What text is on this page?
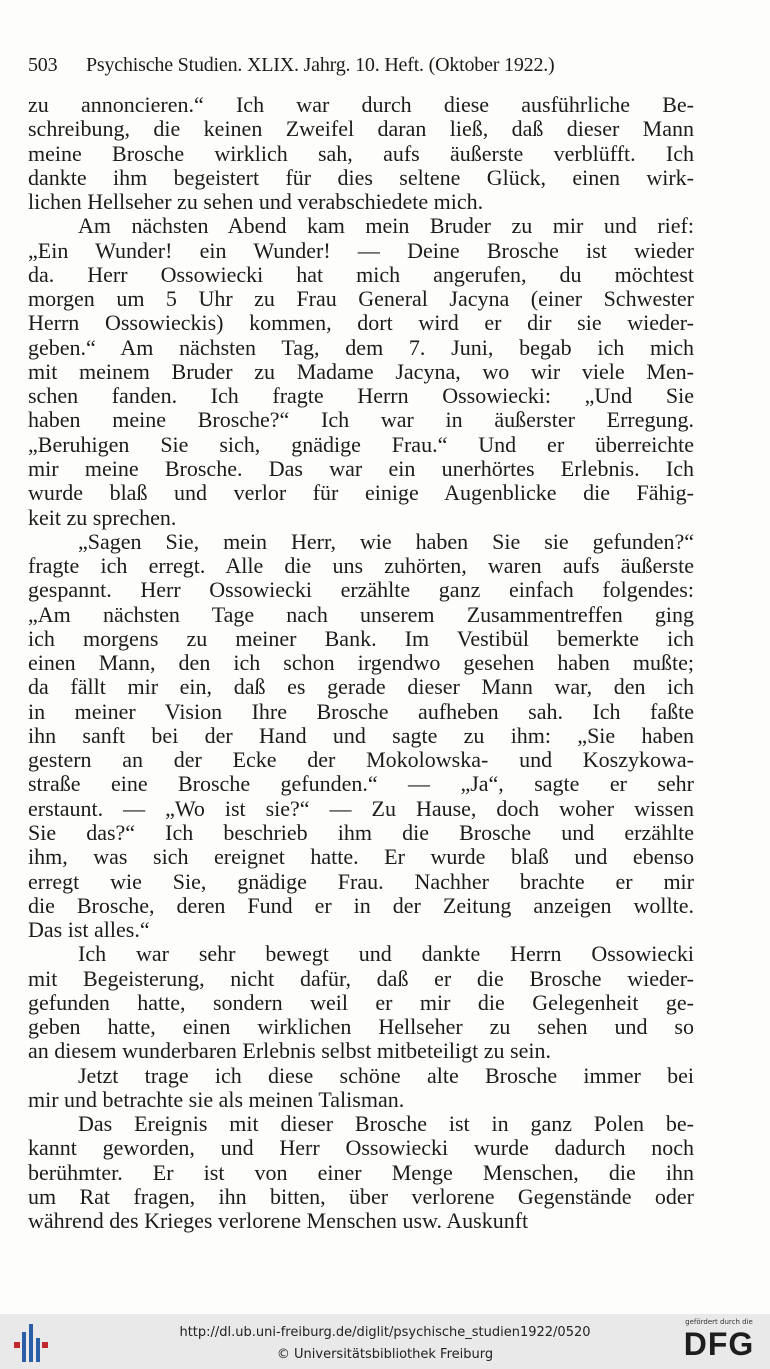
503 Psychische Studien. XLIX. Jahrg. 10. Heft. (Oktober 1922.)
zu annoncieren.“ Ich war durch diese ausführliche Be-
schreibung, die keinen Zweifel daran ließ, daß dieser Mann
meine Brosche wirklich sah, aufs äußerste verblüfft. Ich
dankte ihm begeistert für dies seltene Glück, einen wirk-
lichen Hellseher zu sehen und verabschiedete mich.
Am nächsten Abend kam mein Bruder zu mir und rief:
„Ein Wunder! ein Wunder! — Deine Brosche ist wieder
da. Herr Ossowiecki hat mich angerufen, du möchtest
morgen um 5 Uhr zu Frau General Jacyna (einer Schwester
Herrn Ossowieckis) kommen, dort wird er dir sie wieder-
geben.“ Am nächsten Tag, dem 7. Juni, begab ich mich
mit meinem Bruder zu Madame Jacyna, wo wir viele Men-
schen fanden. Ich fragte Herrn Ossowiecki: „Und Sie
haben meine Brosche?“ Ich war in äußerster Erregung.
„Beruhigen Sie sich, gnädige Frau.“ Und er überreichte
mir meine Brosche. Das war ein unerhörtes Erlebnis. Ich
wurde blaß und verlor für einige Augenblicke die Fähig-
keit zu sprechen.
„Sagen Sie, mein Herr, wie haben Sie sie gefunden?“
fragte ich erregt. Alle die uns zuhörten, waren aufs äußerste
gespannt. Herr Ossowiecki erzählte ganz einfach folgendes:
„Am nächsten Tage nach unserem Zusammentreffen ging
ich morgens zu meiner Bank. Im Vestibül bemerkte ich
einen Mann, den ich schon irgendwo gesehen haben mußte;
da fällt mir ein, daß es gerade dieser Mann war, den ich
in meiner Vision Ihre Brosche aufheben sah. Ich faßte
ihn sanft bei der Hand und sagte zu ihm: „Sie haben
gestern an der Ecke der Mokolowska- und Koszykowa-
straße eine Brosche gefunden.“ — „Ja“, sagte er sehr
erstaunt. — „Wo ist sie?“ — Zu Hause, doch woher wissen
Sie das?“ Ich beschrieb ihm die Brosche und erzählte
ihm, was sich ereignet hatte. Er wurde blaß und ebenso
erregt wie Sie, gnädige Frau. Nachher brachte er mir
die Brosche, deren Fund er in der Zeitung anzeigen wollte.
Das ist alles.“
Ich war sehr bewegt und dankte Herrn Ossowiecki
mit Begeisterung, nicht dafür, daß er die Brosche wieder-
gefunden hatte, sondern weil er mir die Gelegenheit ge-
geben hatte, einen wirklichen Hellseher zu sehen und so
an diesem wunderbaren Erlebnis selbst mitbeteiligt zu sein.
Jetzt trage ich diese schöne alte Brosche immer bei
mir und betrachte sie als meinen Talisman.
Das Ereignis mit dieser Brosche ist in ganz Polen be-
kannt geworden, und Herr Ossowiecki wurde dadurch noch
berühmter. Er ist von einer Menge Menschen, die ihn
um Rat fragen, ihn bitten, über verlorene Gegenstände oder
während des Krieges verlorene Menschen usw. Auskunft
http://dl.ub.uni-freiburg.de/diglit/psychische_studien1922/0520
© Universitätsbibliothek Freiburg
gefördert durch die
DFG
